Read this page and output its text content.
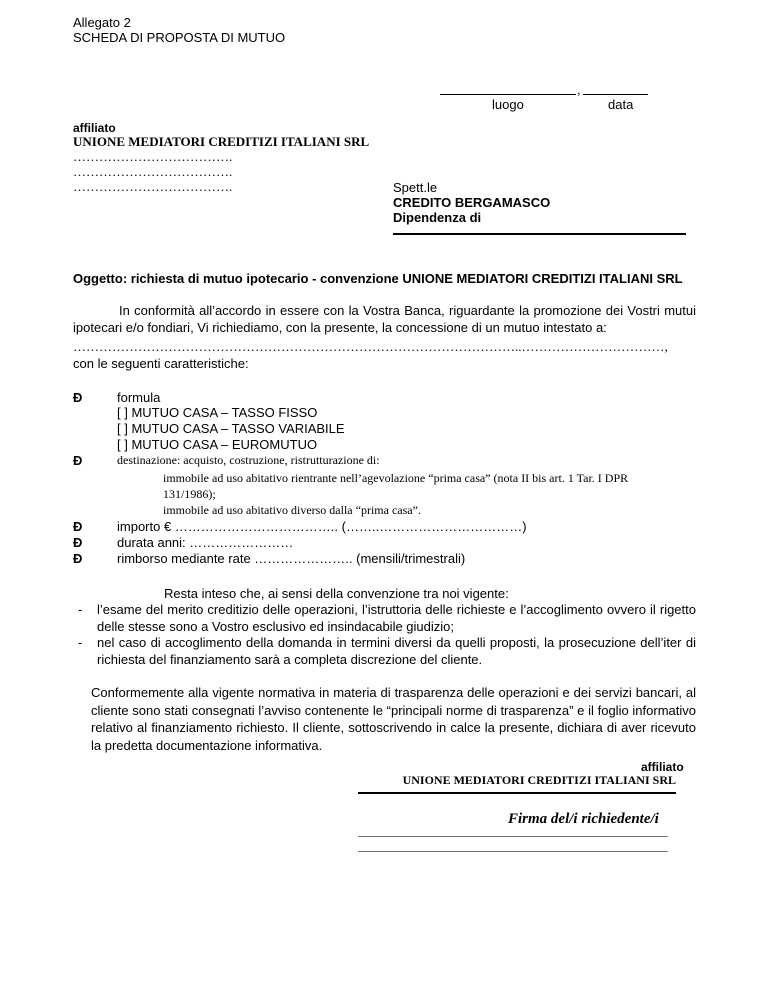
Allegato 2
SCHEDA DI PROPOSTA DI MUTUO
,
luogo	data
affiliato
UNIONE MEDIATORI CREDITIZI ITALIANI SRL
……………………………….
……………………………….
……………………………….	Spett.le
CREDITO BERGAMASCO
Dipendenza di
Oggetto: richiesta di mutuo ipotecario - convenzione UNIONE MEDIATORI CREDITIZI ITALIANI SRL
In conformità all’accordo in essere con la Vostra Banca, riguardante la promozione dei Vostri mutui ipotecari e/o fondiari, Vi richiediamo, con la presente, la concessione di un mutuo intestato a:
…………………………………………………………………………………………..……………………………,
con le seguenti caratteristiche:
Ð	formula
[ ] MUTUO CASA – TASSO FISSO
[ ] MUTUO CASA – TASSO VARIABILE
[ ] MUTUO CASA – EUROMUTUO
Ð	destinazione: acquisto, costruzione, ristrutturazione di:
immobile ad uso abitativo rientrante nell’agevolazione “prima casa” (nota II bis art. 1 Tar. I DPR
131/1986);
immobile ad uso abitativo diverso dalla “prima casa”.
Ð	importo € ……………………………….. (……..……………………………)
Ð	durata anni: ……………………
Ð	rimborso mediante rate ………………….. (mensili/trimestrali)
Resta inteso che, ai sensi della convenzione tra noi vigente:
- l’esame del merito creditizio delle operazioni, l’istruttoria delle richieste e l’accoglimento ovvero il rigetto delle stesse sono a Vostro esclusivo ed insindacabile giudizio;
- nel caso di accoglimento della domanda in termini diversi da quelli proposti, la prosecuzione dell’iter di richiesta del finanziamento sarà a completa discrezione del cliente.
Conformemente alla vigente normativa in materia di trasparenza delle operazioni e dei servizi bancari, al cliente sono stati consegnati l’avviso contenente le “principali norme di trasparenza” e il foglio informativo relativo al finanziamento richiesto. Il cliente, sottoscrivendo in calce la presente, dichiara di aver ricevuto la predetta documentazione informativa.
affiliato
UNIONE MEDIATORI CREDITIZI ITALIANI SRL
Firma del/i richiedente/i
